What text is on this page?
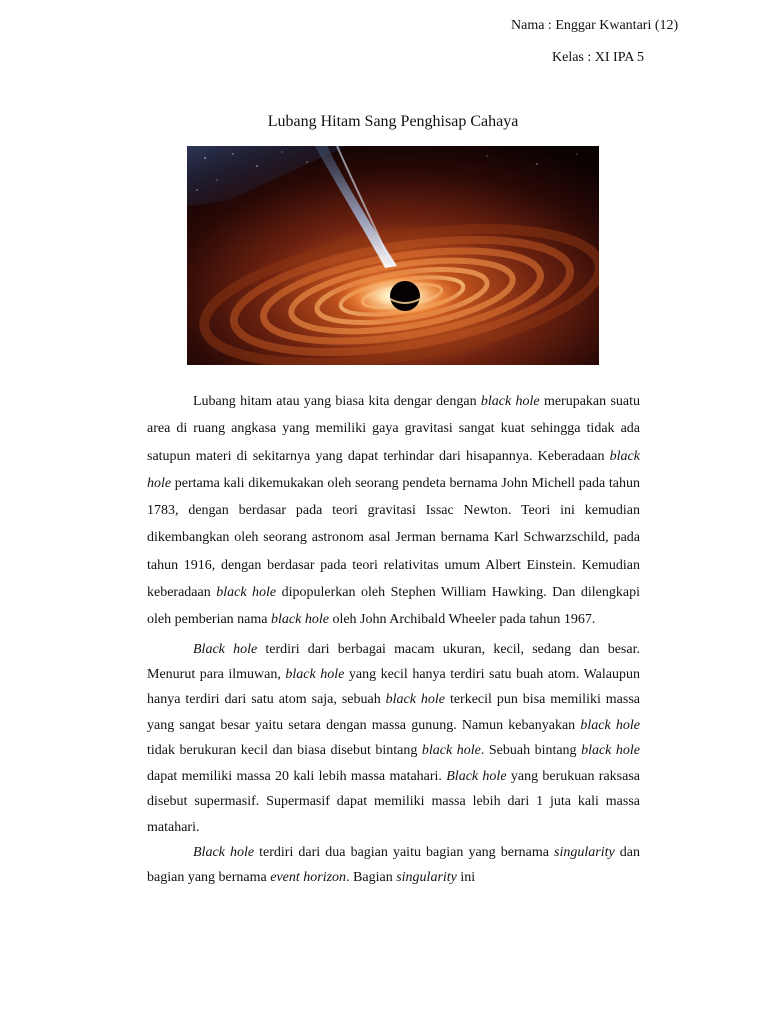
Nama : Enggar Kwantari (12)
Kelas : XI IPA 5
Lubang Hitam Sang Penghisap Cahaya

Lubang hitam atau yang biasa kita dengar dengan black hole merupakan suatu area di ruang angkasa yang memiliki gaya gravitasi sangat kuat sehingga tidak ada satupun materi di sekitarnya yang dapat terhindar dari hisapannya. Keberadaan black hole pertama kali dikemukakan oleh seorang pendeta bernama John Michell pada tahun 1783, dengan berdasar pada teori gravitasi Issac Newton. Teori ini kemudian dikembangkan oleh seorang astronom asal Jerman bernama Karl Schwarzschild, pada tahun 1916, dengan berdasar pada teori relativitas umum Albert Einstein. Kemudian keberadaan black hole dipopulerkan oleh Stephen William Hawking. Dan dilengkapi oleh pemberian nama black hole oleh John Archibald Wheeler pada tahun 1967.

Black hole terdiri dari berbagai macam ukuran, kecil, sedang dan besar. Menurut para ilmuwan, black hole yang kecil hanya terdiri satu buah atom. Walaupun hanya terdiri dari satu atom saja, sebuah black hole terkecil pun bisa memiliki massa yang sangat besar yaitu setara dengan massa gunung. Namun kebanyakan black hole tidak berukuran kecil dan biasa disebut bintang black hole. Sebuah bintang black hole dapat memiliki massa 20 kali lebih massa matahari. Black hole yang berukuan raksasa disebut supermasif. Supermasif dapat memiliki massa lebih dari 1 juta kali massa matahari.

Black hole terdiri dari dua bagian yaitu bagian yang bernama singularity dan bagian yang bernama event horizon. Bagian singularity ini
